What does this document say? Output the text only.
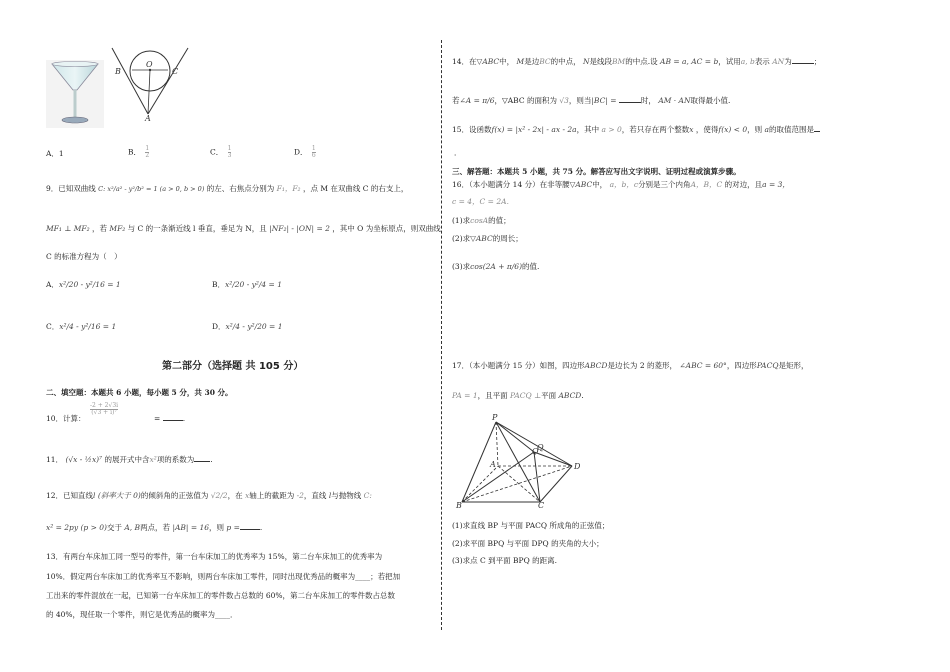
B
O
C
A
A．1	B． $\frac{1}{2}$	C． $\frac{1}{3}$	D． $\frac{1}{6}$
9．已知双曲线 C: x²/a² - y²/b² = 1 (a > 0, b > 0) 的左、右焦点分别为 F₁，F₂ ，点 M 在双曲线 C 的右支上，
MF₁ ⊥ MF₂ ，若 MF₂ 与 C 的一条渐近线 l 垂直，垂足为 N，且 |NF₂| - |ON| = 2 ，其中 O 为坐标原点，则双曲线
C 的标准方程为（　）
A．x²/20 - y²/16 = 1	B．x²/20 - y²/4 = 1
C．x²/4 - y²/16 = 1	D．x²/4 - y²/20 = 1
第二部分（选择题 共 105 分）
二、填空题：本题共 6 小题，每小题 5 分，共 30 分。
10．计算：
-2 + 2√3i
(√3 + i)⁷
=	.
11． (√x - ½x)⁷ 的展开式中含x²项的系数为 .
12．已知直线l (斜率大于 0)的倾斜角的正弦值为 √2/2，在 x轴上的截距为 -2，直线 l与抛物线 C:
x² = 2py (p > 0)交于 A, B两点，若 |AB| = 16，则 p =	.
13．有两台车床加工同一型号的零件，第一台车床加工的优秀率为 15%，第二台车床加工的优秀率为
10%．假定两台车床加工的优秀率互不影响，则两台车床加工零件，同时出现优秀品的概率为____；若把加
工出来的零件混放在一起，已知第一台车床加工的零件数占总数的 60%，第二台车床加工的零件数占总数
的 40%，现任取一个零件，则它是优秀品的概率为____．
14．在▽ABC中， M是边BC的中点， N是线段BM的中点.设 AB = a, AC = b，试用a, b表示 AN为	；
若∠A = π/6，▽ABC 的面积为 √3，则当|BC| =	时， AM · AN取得最小值.
15．设函数f(x) = |x² - 2x| - ax - 2a，其中 a > 0，若只存在两个整数x ，使得f(x) < 0，则 a的取值范围是
．
三、解答题：本题共 5 小题，共 75 分。解答应写出文字说明、证明过程或演算步骤。
16．（本小题满分 14 分）在非等腰▽ABC中， a，b，c分别是三个内角A，B，C 的对边，且a = 3，
c = 4，C = 2A．
(1)求cosA的值；
(2)求▽ABC的周长；
(3)求cos(2A + π/6)的值.
17．（本小题满分 15 分）如图，四边形ABCD是边长为 2 的菱形， ∠ABC = 60°，四边形PACQ是矩形，
PA = 1，且平面 PACQ ⊥平面 ABCD.
P
Q
A
O
D
B	C
(1)求直线 BP 与平面 PACQ 所成角的正弦值；
(2)求平面 BPQ 与平面 DPQ 的夹角的大小；
(3)求点 C 到平面 BPQ 的距离.
